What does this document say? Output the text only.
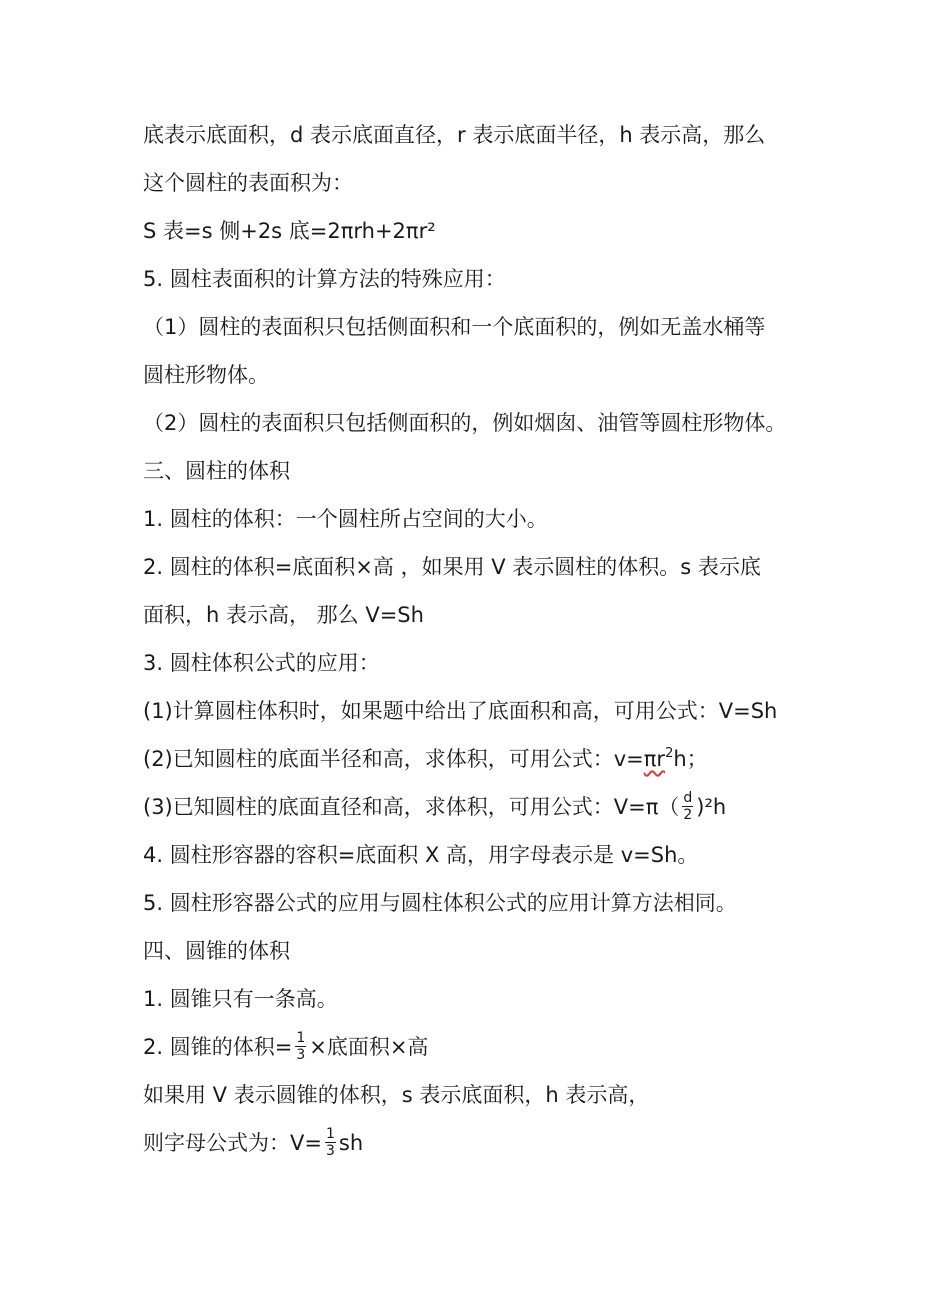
底表示底面积，d 表示底面直径，r 表示底面半径，h 表示高，那么
这个圆柱的表面积为：
S 表=s 侧+2s 底=2πrh+2πr²
5. 圆柱表面积的计算方法的特殊应用：
（1）圆柱的表面积只包括侧面积和一个底面积的，例如无盖水桶等
圆柱形物体。
（2）圆柱的表面积只包括侧面积的，例如烟囱、油管等圆柱形物体。
三、圆柱的体积
1. 圆柱的体积：一个圆柱所占空间的大小。
2. 圆柱的体积=底面积×高 ，如果用 V 表示圆柱的体积。s 表示底
面积，h 表示高， 那么 V=Sh
3. 圆柱体积公式的应用：
(1)计算圆柱体积时，如果题中给出了底面积和高，可用公式：V=Sh
(2)已知圆柱的底面半径和高，求体积，可用公式：$v=\pi r^2h$；
(3)已知圆柱的底面直径和高，求体积，可用公式：$V=\pi( \frac{d}{2} )^2h$
4. 圆柱形容器的容积=底面积 X 高，用字母表示是 v=Sh。
5. 圆柱形容器公式的应用与圆柱体积公式的应用计算方法相同。
四、圆锥的体积
1. 圆锥只有一条高。
2. 圆锥的体积= $\frac{1}{3}$ ×底面积×高
如果用 V 表示圆锥的体积，s 表示底面积，h 表示高，
则字母公式为：$V= \frac{1}{3}$ sh
